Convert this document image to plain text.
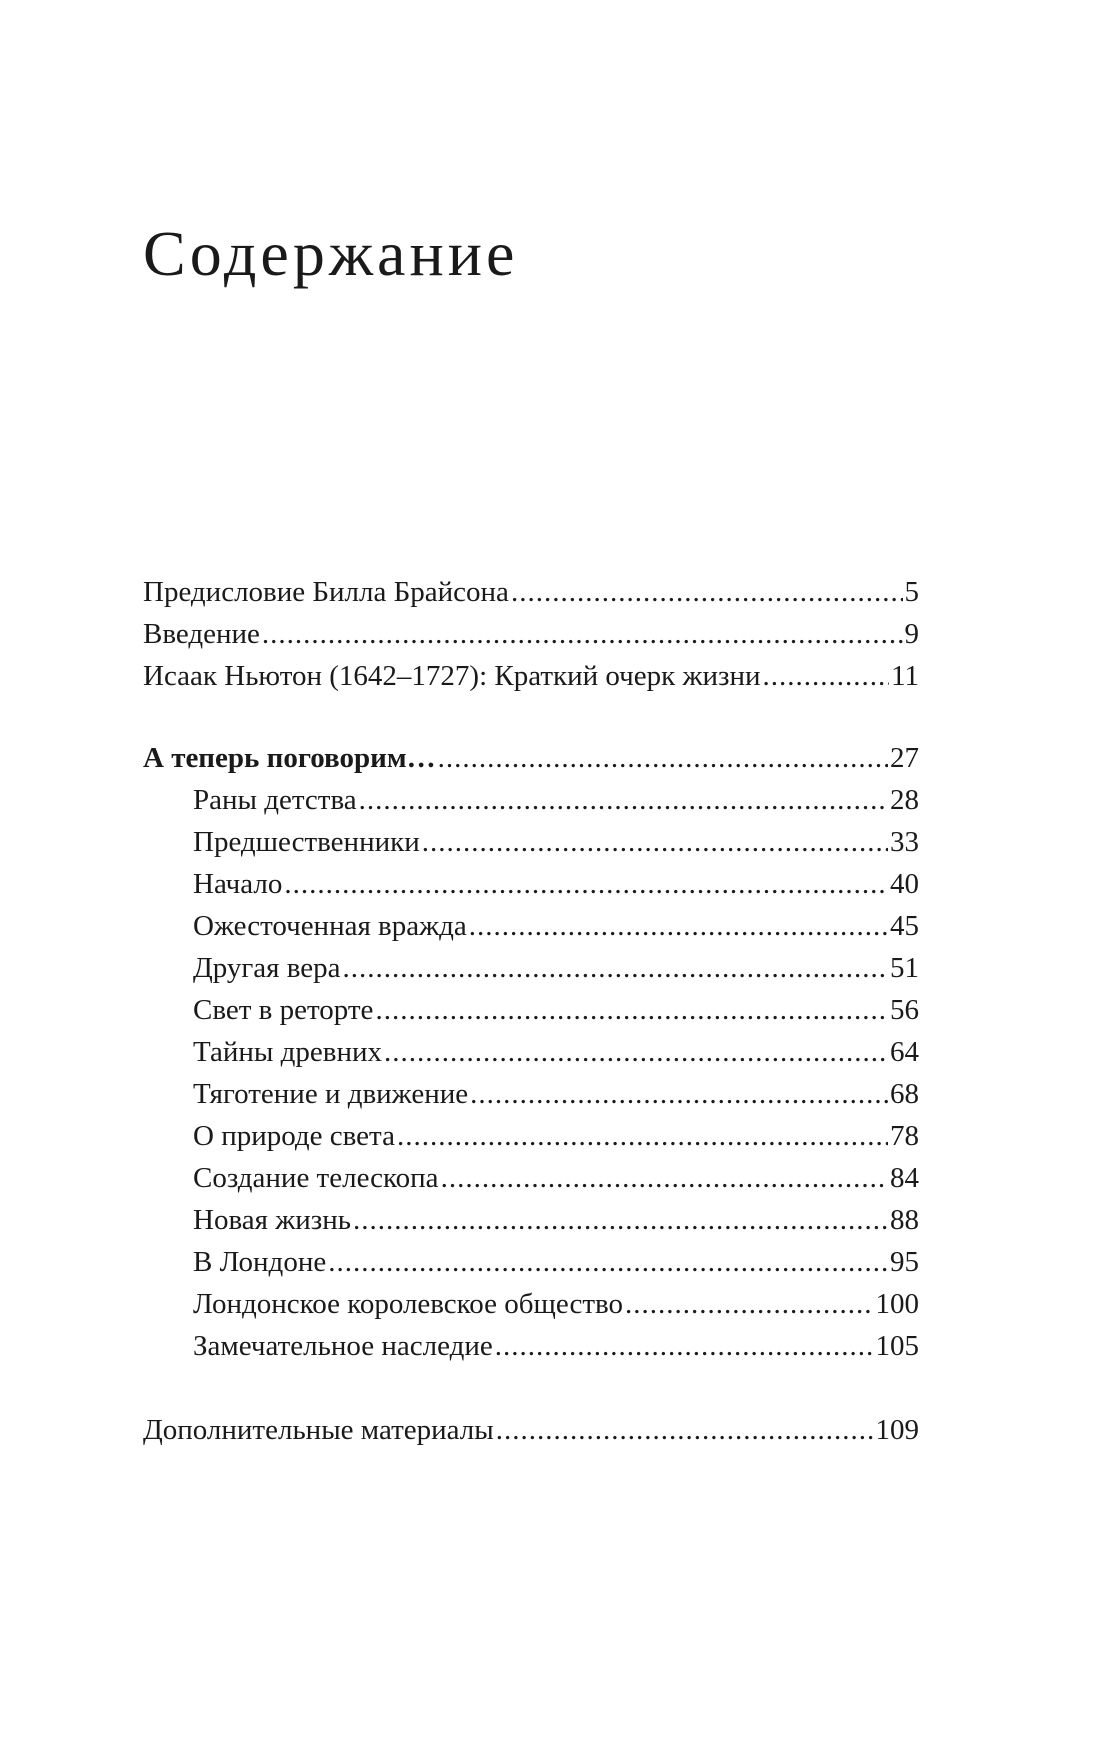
Содержание
Предисловие Билла Брайсона .....	5
Введение .....	9
Исаак Ньютон (1642–1727): Краткий очерк жизни .....	11
А теперь поговорим… .....	27
Раны детства .....	28
Предшественники .....	33
Начало .....	40
Ожесточенная вражда .....	45
Другая вера .....	51
Свет в реторте .....	56
Тайны древних .....	64
Тяготение и движение .....	68
О природе света .....	78
Создание телескопа .....	84
Новая жизнь .....	88
В Лондоне .....	95
Лондонское королевское общество .....	100
Замечательное наследие .....	105
Дополнительные материалы .....	109
